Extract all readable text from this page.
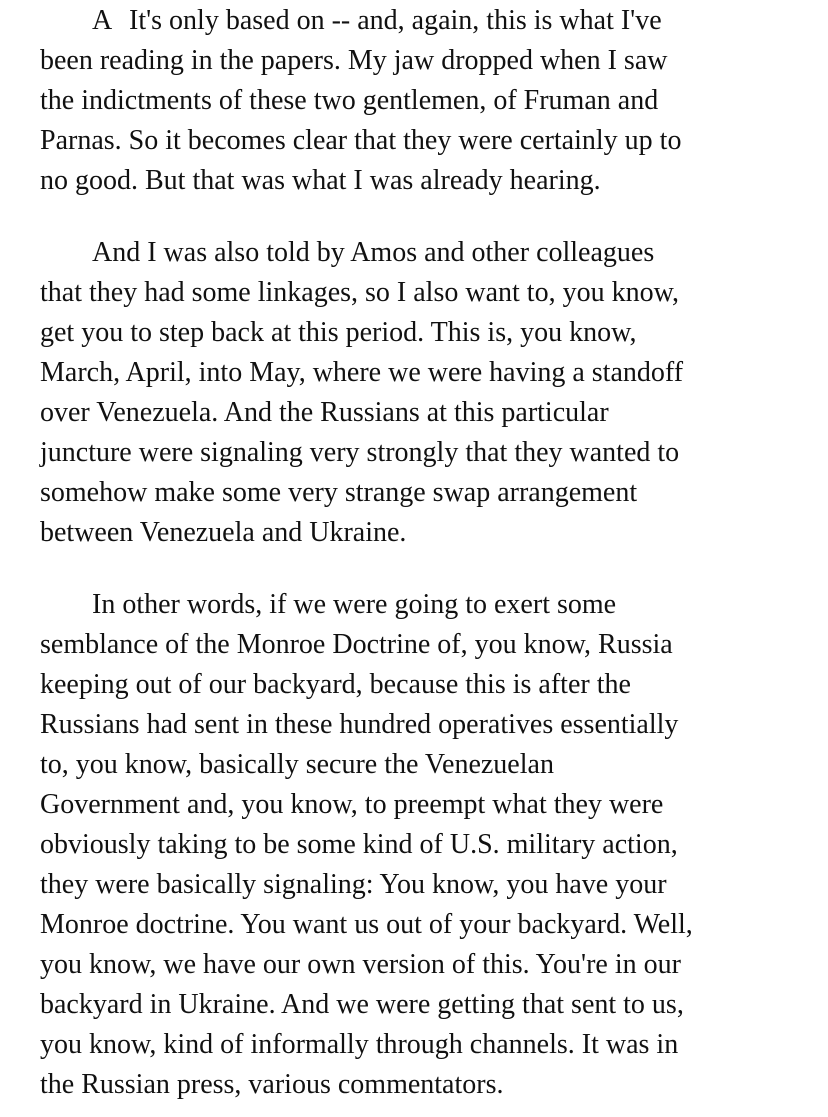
A It's only based on -- and, again, this is what I've
been reading in the papers. My jaw dropped when I saw
the indictments of these two gentlemen, of Fruman and
Parnas. So it becomes clear that they were certainly up to
no good. But that was what I was already hearing.

And I was also told by Amos and other colleagues
that they had some linkages, so I also want to, you know,
get you to step back at this period. This is, you know,
March, April, into May, where we were having a standoff
over Venezuela. And the Russians at this particular
juncture were signaling very strongly that they wanted to
somehow make some very strange swap arrangement
between Venezuela and Ukraine.

In other words, if we were going to exert some
semblance of the Monroe Doctrine of, you know, Russia
keeping out of our backyard, because this is after the
Russians had sent in these hundred operatives essentially
to, you know, basically secure the Venezuelan
Government and, you know, to preempt what they were
obviously taking to be some kind of U.S. military action,
they were basically signaling: You know, you have your
Monroe doctrine. You want us out of your backyard. Well,
you know, we have our own version of this. You're in our
backyard in Ukraine. And we were getting that sent to us,
you know, kind of informally through channels. It was in
the Russian press, various commentators.
